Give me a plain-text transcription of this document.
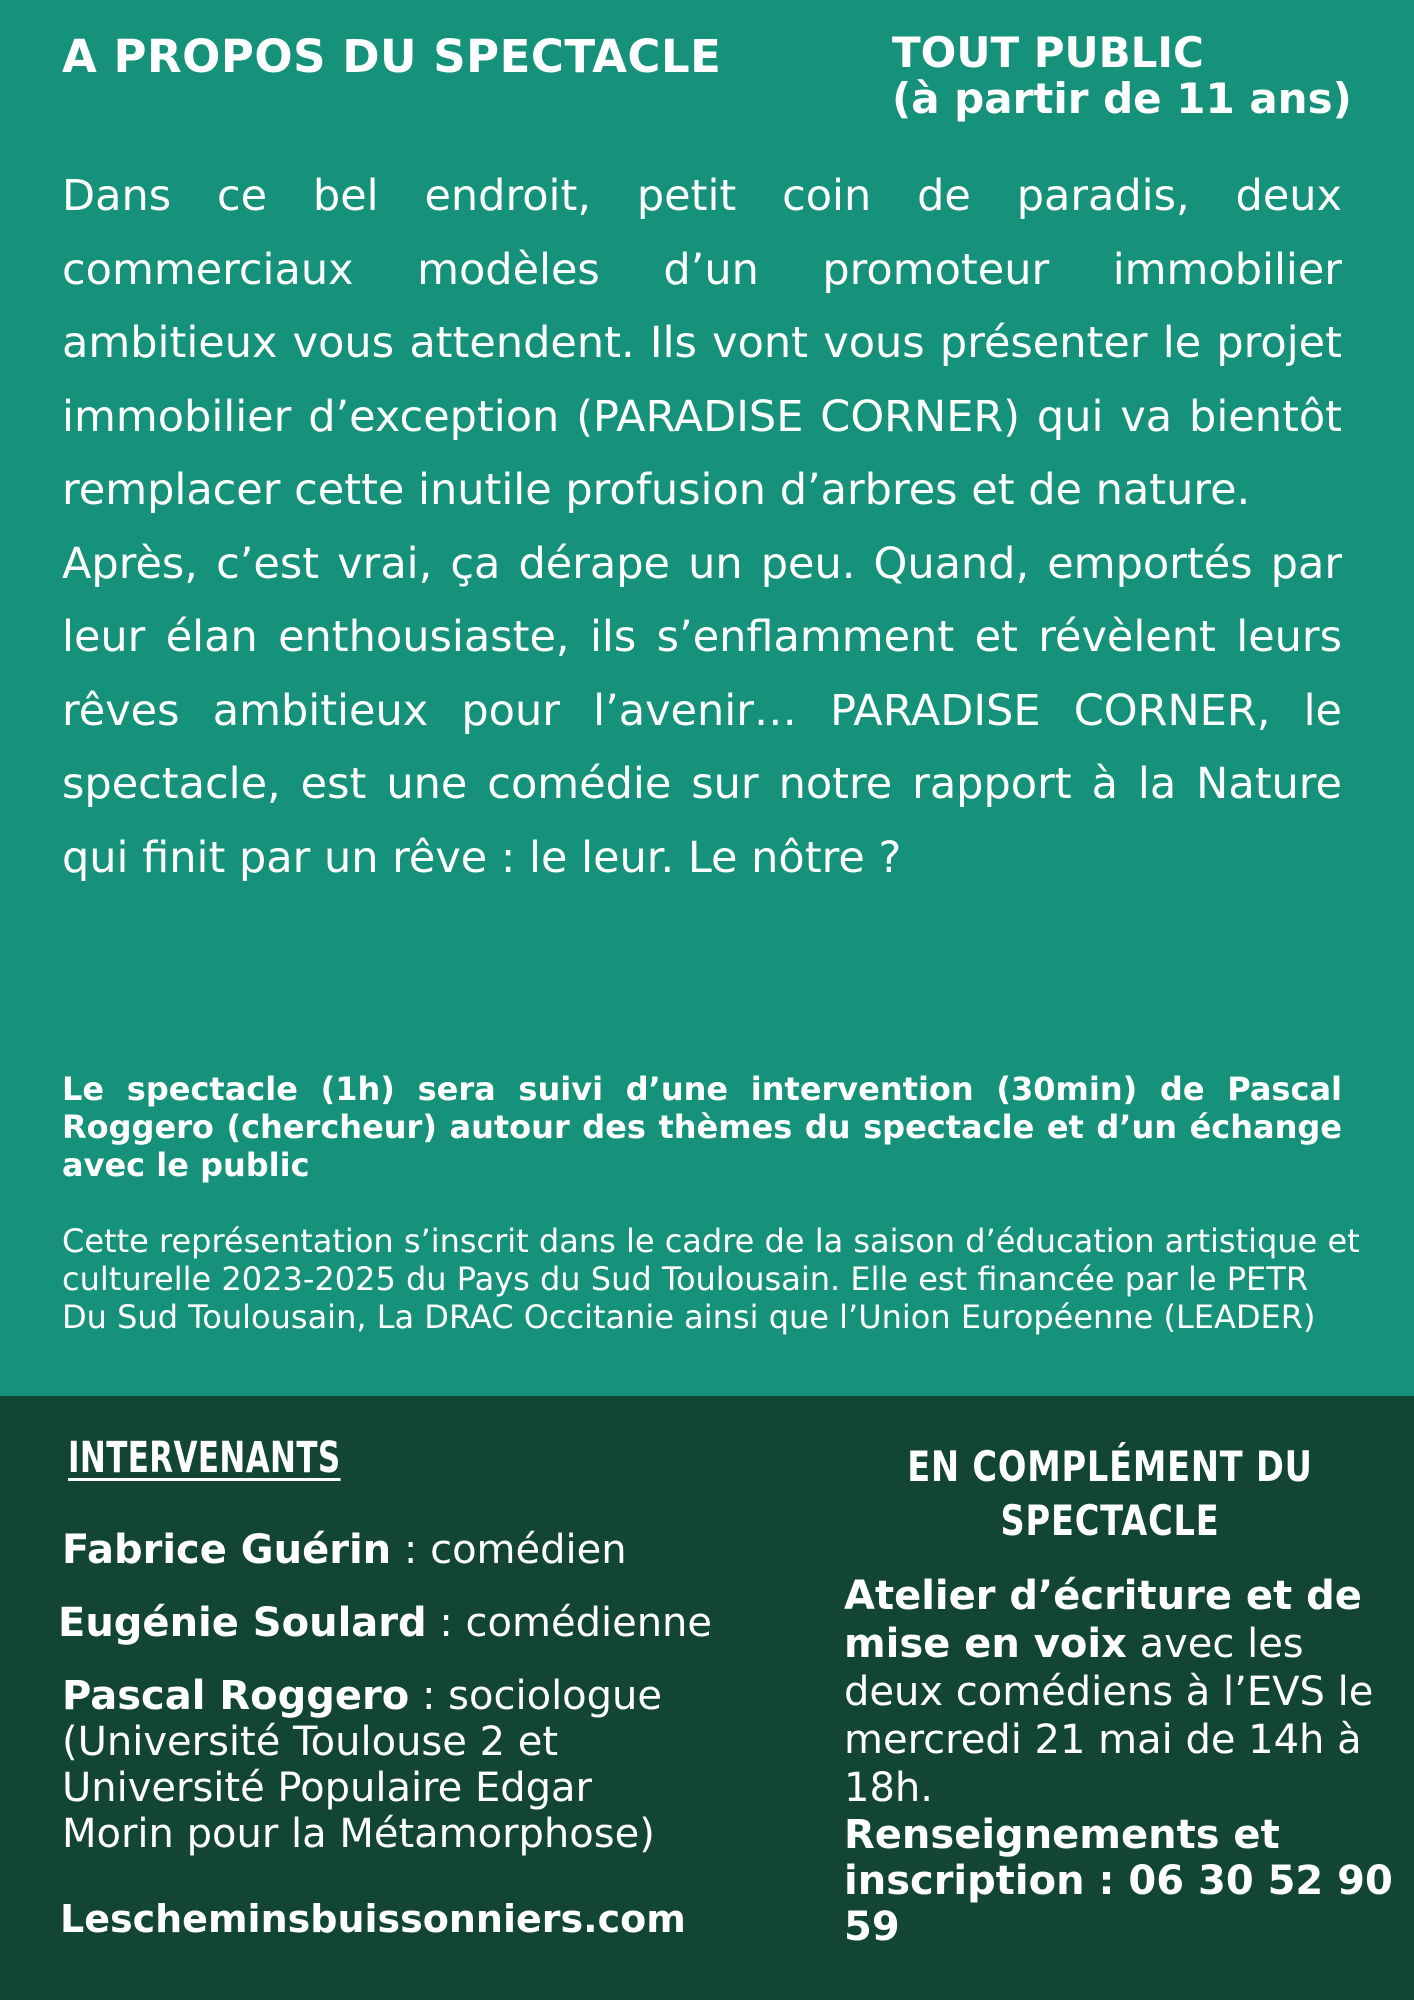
A PROPOS DU SPECTACLE	TOUT PUBLIC
(à partir de 11 ans)

Dans ce bel endroit, petit coin de paradis, deux commerciaux modèles d’un promoteur immobilier ambitieux vous attendent. Ils vont vous présenter le projet immobilier d’exception (PARADISE CORNER) qui va bientôt remplacer cette inutile profusion d’arbres et de nature.

Après, c’est vrai, ça dérape un peu. Quand, emportés par leur élan enthousiaste, ils s’enflamment et révèlent leurs rêves ambitieux pour l’avenir… PARADISE CORNER, le spectacle, est une comédie sur notre rapport à la Nature qui finit par un rêve : le leur. Le nôtre ?

Le spectacle (1h) sera suivi d’une intervention (30min) de Pascal Roggero (chercheur) autour des thèmes du spectacle et d’un échange avec le public
Cette représentation s’inscrit dans le cadre de la saison d’éducation artistique et culturelle 2023-2025 du Pays du Sud Toulousain. Elle est financée par le PETR Du Sud Toulousain, La DRAC Occitanie ainsi que l’Union Européenne (LEADER)
INTERVENANTS
Fabrice Guérin : comédien
Eugénie Soulard : comédienne
Pascal Roggero : sociologue
(Université Toulouse 2 et
Université Populaire Edgar
Morin pour la Métamorphose)
Lescheminsbuissonniers.com
EN COMPLÉMENT DU
SPECTACLE
Atelier d’écriture et de mise en voix avec les deux comédiens à l’EVS le mercredi 21 mai de 14h à 18h.
Renseignements et inscription : 06 30 52 90 59
